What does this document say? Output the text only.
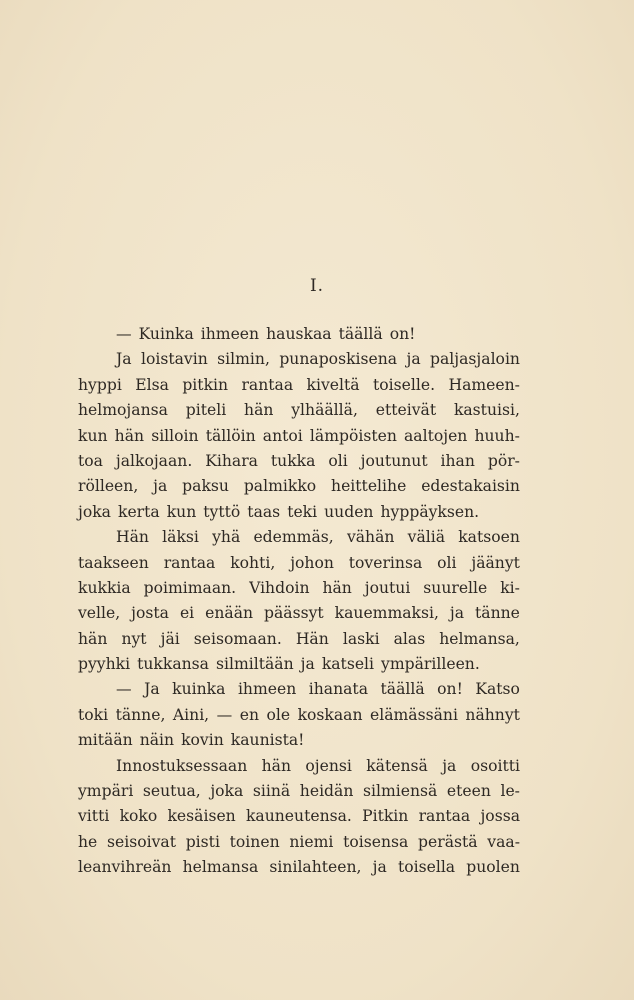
I.
— Kuinka ihmeen hauskaa täällä on!
Ja loistavin silmin, punaposkisena ja paljasjaloin
hyppi Elsa pitkin rantaa kiveltä toiselle. Hameen-
helmojansa piteli hän ylhäällä, etteivät kastuisi,
kun hän silloin tällöin antoi lämpöisten aaltojen huuh-
toa jalkojaan. Kihara tukka oli joutunut ihan pör-
rölleen, ja paksu palmikko heittelihe edestakaisin
joka kerta kun tyttö taas teki uuden hyppäyksen.
Hän läksi yhä edemmäs, vähän väliä katsoen
taakseen rantaa kohti, johon toverinsa oli jäänyt
kukkia poimimaan. Vihdoin hän joutui suurelle ki-
velle, josta ei enään päässyt kauemmaksi, ja tänne
hän nyt jäi seisomaan. Hän laski alas helmansa,
pyyhki tukkansa silmiltään ja katseli ympärilleen.
— Ja kuinka ihmeen ihanata täällä on! Katso
toki tänne, Aini, — en ole koskaan elämässäni nähnyt
mitään näin kovin kaunista!
Innostuksessaan hän ojensi kätensä ja osoitti
ympäri seutua, joka siinä heidän silmiensä eteen le-
vitti koko kesäisen kauneutensa. Pitkin rantaa jossa
he seisoivat pisti toinen niemi toisensa perästä vaa-
leanvihreän helmansa sinilahteen, ja toisella puolen
